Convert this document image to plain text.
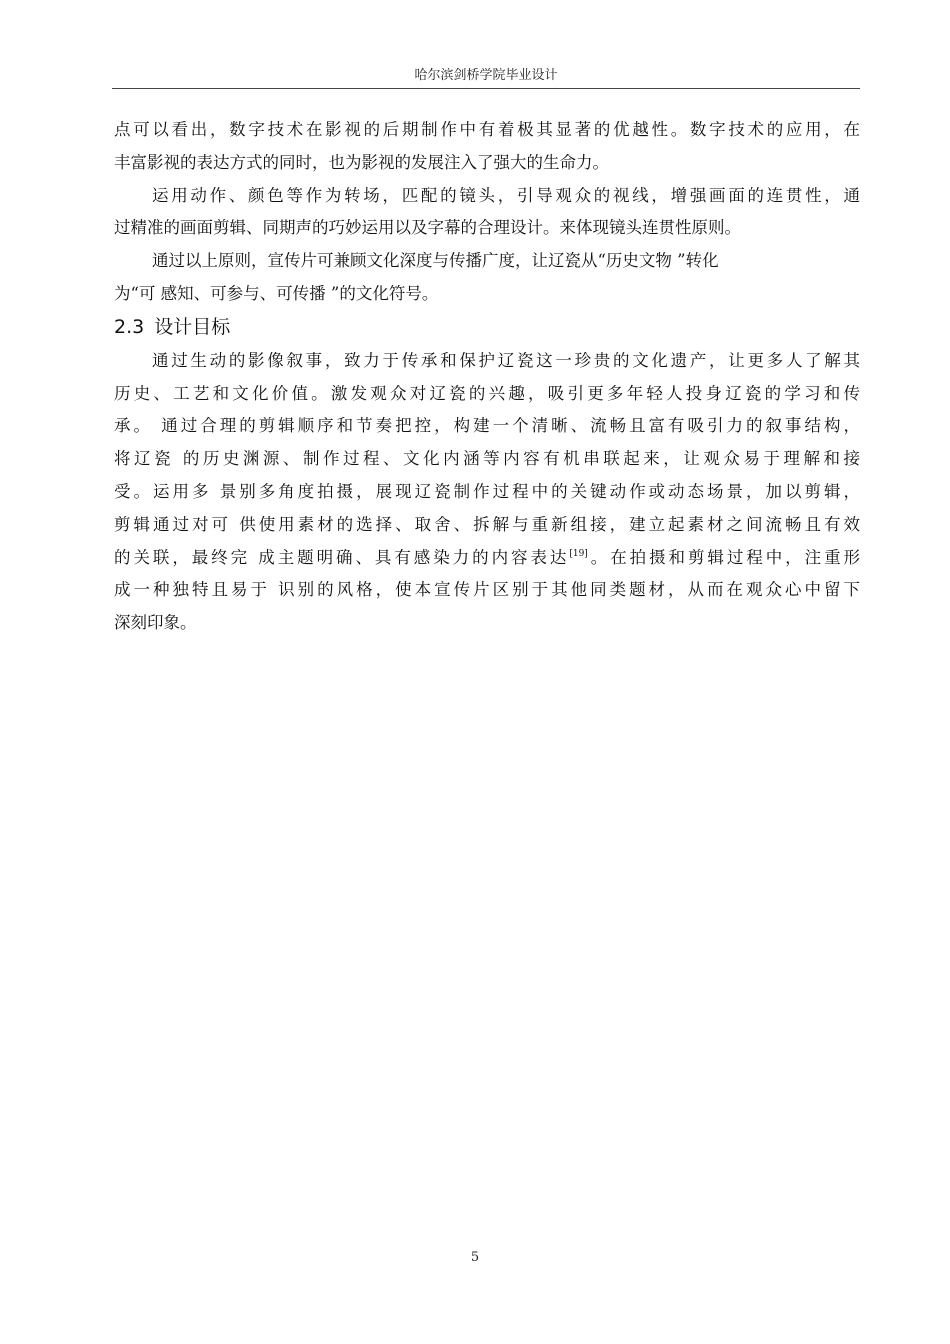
哈尔滨剑桥学院毕业设计
点可以看出，数字技术在影视的后期制作中有着极其显著的优越性。数字技术的应用，在
丰富影视的表达方式的同时，也为影视的发展注入了强大的生命力。
运用动作、颜色等作为转场，匹配的镜头，引导观众的视线，增强画面的连贯性，通
过精准的画面剪辑、同期声的巧妙运用以及字幕的合理设计。来体现镜头连贯性原则。
通过以上原则，宣传片可兼顾文化深度与传播广度，让辽瓷从“历史文物 ”转化
为“可 感知、可参与、可传播 ”的文化符号。
2.3 设计目标
通过生动的影像叙事，致力于传承和保护辽瓷这一珍贵的文化遗产，让更多人了解其
历史、工艺和文化价值。激发观众对辽瓷的兴趣，吸引更多年轻人投身辽瓷的学习和传
承。 通过合理的剪辑顺序和节奏把控，构建一个清晰、流畅且富有吸引力的叙事结构，
将辽瓷 的历史渊源、制作过程、文化内涵等内容有机串联起来，让观众易于理解和接
受。运用多 景别多角度拍摄，展现辽瓷制作过程中的关键动作或动态场景，加以剪辑，
剪辑通过对可 供使用素材的选择、取舍、拆解与重新组接，建立起素材之间流畅且有效
的关联，最终完 成主题明确、具有感染力的内容表达[19]。在拍摄和剪辑过程中，注重形
成一种独特且易于 识别的风格，使本宣传片区别于其他同类题材，从而在观众心中留下
深刻印象。
5
